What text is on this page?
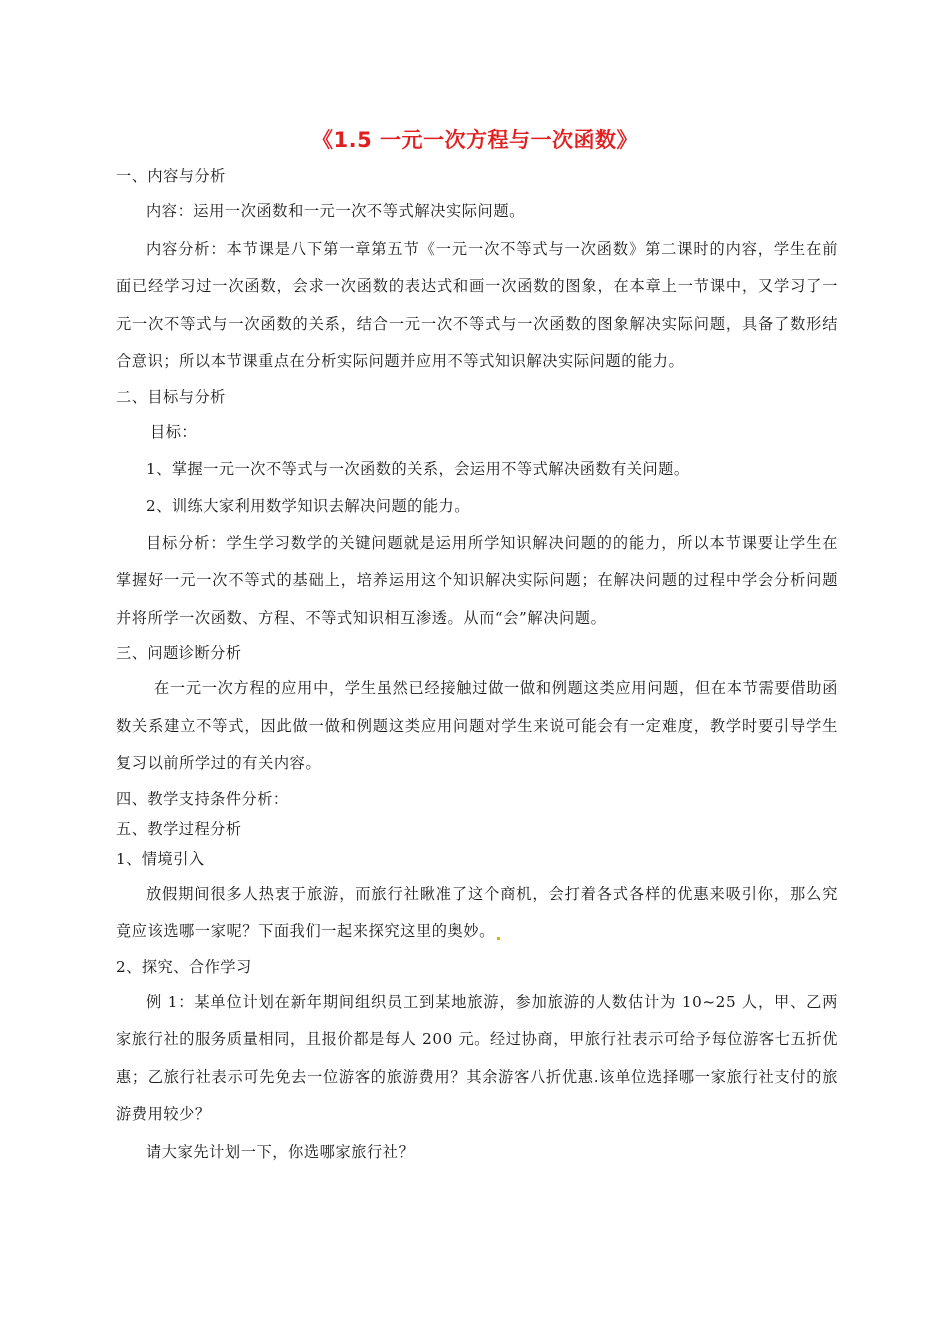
《1.5 一元一次方程与一次函数》
一、内容与分析

内容：运用一次函数和一元一次不等式解决实际问题。

内容分析：本节课是八下第一章第五节《一元一次不等式与一次函数》第二课时的内容，学生在前面已经学习过一次函数，会求一次函数的表达式和画一次函数的图象，在本章上一节课中，又学习了一元一次不等式与一次函数的关系，结合一元一次不等式与一次函数的图象解决实际问题，具备了数形结合意识；所以本节课重点在分析实际问题并应用不等式知识解决实际问题的能力。

二、目标与分析
目标：
1、掌握一元一次不等式与一次函数的关系，会运用不等式解决函数有关问题。
2、训练大家利用数学知识去解决问题的能力。

目标分析：学生学习数学的关键问题就是运用所学知识解决问题的的能力，所以本节课要让学生在掌握好一元一次不等式的基础上，培养运用这个知识解决实际问题；在解决问题的过程中学会分析问题并将所学一次函数、方程、不等式知识相互渗透。从而“会”解决问题。

三、问题诊断分析

在一元一次方程的应用中，学生虽然已经接触过做一做和例题这类应用问题，但在本节需要借助函数关系建立不等式，因此做一做和例题这类应用问题对学生来说可能会有一定难度，教学时要引导学生复习以前所学过的有关内容。

四、教学支持条件分析：
五、教学过程分析
1、情境引入

放假期间很多人热衷于旅游，而旅行社瞅准了这个商机，会打着各式各样的优惠来吸引你，那么究竟应该选哪一家呢？下面我们一起来探究这里的奥妙。

2、探究、合作学习

例 1：某单位计划在新年期间组织员工到某地旅游，参加旅游的人数估计为 10~25 人，甲、乙两家旅行社的服务质量相同，且报价都是每人 200 元。经过协商，甲旅行社表示可给予每位游客七五折优惠；乙旅行社表示可先免去一位游客的旅游费用？其余游客八折优惠.该单位选择哪一家旅行社支付的旅游费用较少？

请大家先计划一下，你选哪家旅行社？
